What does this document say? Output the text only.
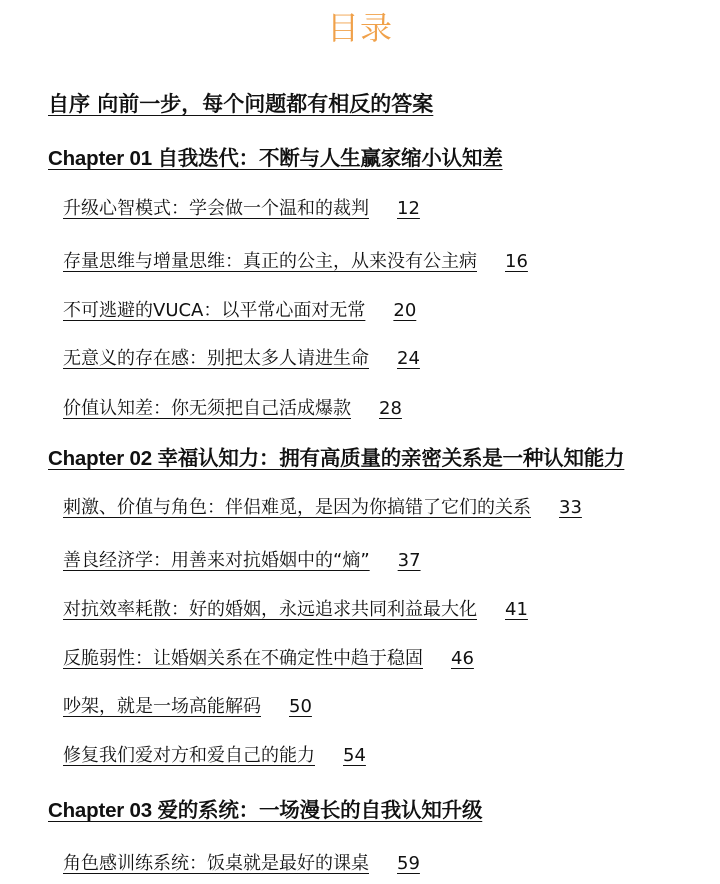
目录
自序 向前一步，每个问题都有相反的答案
Chapter 01 自我迭代：不断与人生赢家缩小认知差
升级心智模式：学会做一个温和的裁判 12
存量思维与增量思维：真正的公主，从来没有公主病 16
不可逃避的VUCA：以平常心面对无常 20
无意义的存在感：别把太多人请进生命 24
价值认知差：你无须把自己活成爆款 28
Chapter 02 幸福认知力：拥有高质量的亲密关系是一种认知能力
刺激、价值与角色：伴侣难觅，是因为你搞错了它们的关系 33
善良经济学：用善来对抗婚姻中的“熵” 37
对抗效率耗散：好的婚姻，永远追求共同利益最大化 41
反脆弱性：让婚姻关系在不确定性中趋于稳固 46
吵架，就是一场高能解码 50
修复我们爱对方和爱自己的能力 54
Chapter 03 爱的系统：一场漫长的自我认知升级
角色感训练系统：饭桌就是最好的课桌 59
